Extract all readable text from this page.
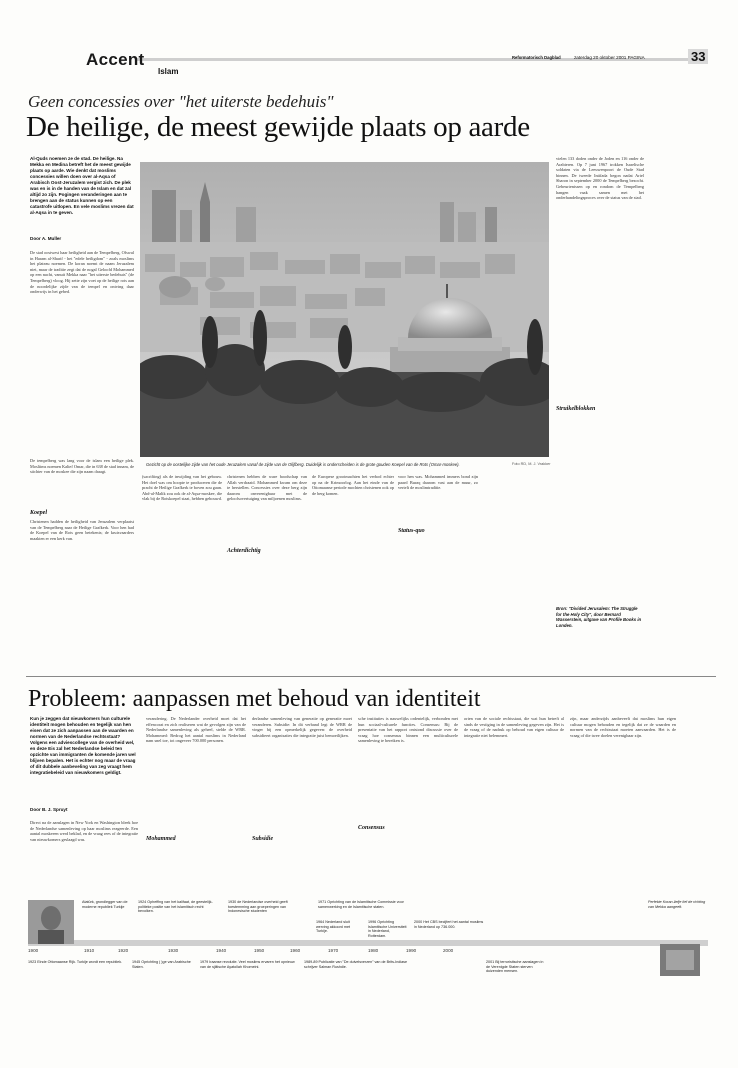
Accent
Islam
Reformatorisch Dagblad	zaterdag 20 oktober 2001 PAGINA	33
Geen concessies over "het uiterste bedehuis"
De heilige, de meest gewijde plaats op aarde
Al-Quds noemen ze de stad. De heilige. Na Mekka en Medina betreft het de meest gewijde plaats op aarde. Wie denkt dat moslims concessies willen doen over al-Aqsa of Arabisch Oost-Jeruzalem vergist zich. De plek was en is in de handen van de Islam en dat zal altijd zo zijn. Pogingen veranderingen aan te brengen aan de status kunnen op een catastrofe uitlopen. En vele moslims vrezen dat al-Aqsa in te geven.
Door A. Muller
De stad oostwest haar heiligheid aan de Tempelberg, Ofswal in Haram al-Sharif - het "edele heiligdom" - zoals moslims het plateau noemen. De koran noemt de naam Jeruzalem niet, maar de traditie zegt dat de nogal Geloofd Mohammed op een nacht, vanuit Mekka naar "het uiterste bedehuis" (de Tempelberg) vloog. Hij zette zijn voet op de heilige rots aan de noordelijke zijde van de tempel en ontving daar onderwijs in het gebed.
Koepel
De tempelberg was lang voor de islam een heilige plek. Mosliims noemen Kalief Omar, die in 638 de stad innam, de stichter van de moskee die zijn naam draagt.
Christenen hadden de heiligheid van Jeruzalem verplaatst van de Tempelberg naar de Heilige Grafkerk. Voor hen had de Koepel van de Rots geen betekenis; de kruisvaarders maakten er een kerk van.
Gezicht op de oostelijke zijde van het oude Jeruzalem vanaf de zijde van de Olijfberg. Duidelijk is onderscheiden is de grote gouden Koepel van de Rots (Omar-moskee).	Foto RD, M. J. Vrakker
(sacrifiing) als de inwijding van het gebouw. Het doel was om hoopte te produceren die de pracht de Heilige Grafkerk te boven zou gaan. Abd-al-Malik zou ook de al-Aqsa-moskee, die vlak bij de Rotskoepel staat, hebben gebouwd.
christenen hebben de ware boodschap van Allah verdraaid. Mohammed kwam om deze te herstellen. Concessies over deze berg zijn daarom onverenigbaar met de geloofsovertuiging van miljoenen moslims.
Achterdichtig
de Europese grootmachten het verbod echter op na de Krimoorlog. Aan het einde van de Ottomaanse periode mochten christenen ook op de berg komen.
voor hen was. Mohammed immers bond zijn paard Buraq daarom vast aan de muur, zo vertelt de moslimtraditie.
Status-quo
vielen 133 doden onder de Joden en 116 onder de Arabieren. Op 7 juni 1967 trokken Israelische soldaten via de Leeuwenpoort de Oude Stad binnen. De tweede Intifada begon nadat Ariel Sharon in september 2000 de Tempelberg bezocht. Gebeurtenissen op en rondom de Tempelberg hangen vaak samen met het onderhandelingsproces over de status van de stad.
Struikelblokken
Bron: "Divided Jerusalem: The Struggle for the Holy City", door Bernard Wasserstein, uitgave van Profile Books in Londen.
Probleem: aanpassen met behoud van identiteit
Kun je zeggen dat nieuwkomers hun culturele identiteit mogen behouden en tegelijk van hen eisen dat ze zich aanpassen aan de waarden en normen van de Nederlandse rechtsstaat? Volgens een adviescollege van de overheid wel, en deze Eis zal het Nederlandse beleid ten opzichte van immigranten de komende jaren wel blijven bepalen. Het is echter nog maar de vraag of dit dubbele aanbeveling van zeg vraagt hem integratiebeleid van nieuwkomers geldigt.
Door B. J. Spruyt
Direct na de aanslagen in New York en Washington bleek hoe de Nederlandse samenleving op haar moslims reageerde. Een aantal moskeeen werd beklad, en de vraag rees of de integratie van nieuwkomers geslaagd was.
verandering. De Nederlander overheid moet dat het effencorat en zich realiseren wat de gevolgen zijn van de Nederlandse samenleving als geheel, stelde de WRR. Mohammed: Bedrog het aantal moslims in Nederland nam snel toe, tot ongeveer 700.000 personen.
Mohammed
derlandse samenleving van generatie op generatie moet veranderen. Subsidie: In dit verband legt de WRR de vinger bij een opmerkelijk gegeven: de overheid subsidieert organisaties die integratie juist bemoeilijken.
Subsidie
sche instituties is nauwelijks ordentelijk, verbonden met hun sociaal-culturele functies. Consensus: Bij de presentatie van het rapport ontstond discussie over de vraag hoe consensus binnen een multiculturele samenleving te bereiken is.
Consensus
orien van de sociale rechtsstaat, die wat hun betreft al sinds de vestiging in de samenleving gegeven zijn. Het is de vraag of de nadruk op behoud van eigen cultuur de integratie niet belemmert.
zijn, maar anderzijds aanbeveelt dat moslims hun eigen cultuur mogen behouden en tegelijk dat ze de waarden en normen van de rechtsstaat moeten aanvaarden. Het is de vraag of die twee doelen verenigbaar zijn.
1900	1910	1920	1930	1940	1950	1960	1970	1980	1990	2000
Atatürk, grondlegger van de moderne republiek Turkije
1924 Opheffing van het kalifaat, de geestelijk-politieke positie van het islamitisch recht bevolken.
1930 de Nederlandse overheid geeft toestemming aan groeperingen van Indonesische studenten
1971 Oprichting van de Islamitische Commissie voor samenwerking en de Islamitische staten.
1964 Nederland sluit werving akkoord met Turkije.
1996 Oprichting Islamitische Universiteit in Nederland, Rotterdam.
2000 Het CBS becijfert het aantal moslims in Nederland op 736.000.
2001 Bij terroristische aanslagen in de Verenigde Staten sterven duizenden mensen.
1923 Einde Ottomaanse Rijk. Turkije wordt een republiek.	1945 Oprichting ( )ge van Arabische Staten.
1979 Iraanse revolutie. Veel moslims ervaren het opnieuw van de sjiitische Ayatollah Khomeini.
1989-89 Publicatie van "De duivelsverzen" van de Brits-Indiase schrijver Salman Rushdie.
Perfekte Koran-liefje lief de richting van Mekka aangeeft.
